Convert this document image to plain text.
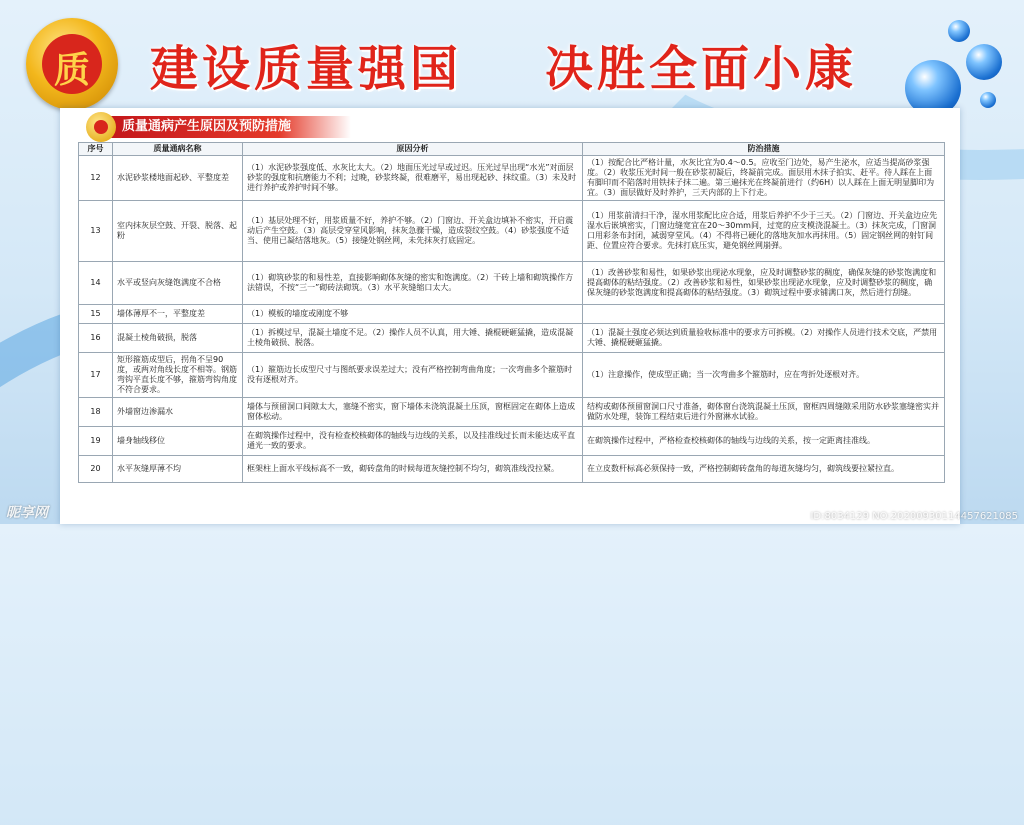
质 建设质量强国 决胜全面小康
质量通病产生原因及预防措施
序号	质量通病名称	原因分析	防治措施
12	水泥砂浆楼地面起砂、平整度差	（1）水泥砂浆强度低、水灰比太大。（2）地面压光过早或过迟。压光过早出现“水光”对面层砂浆的强度和抗磨能力不利；过晚，砂浆终凝，很难磨平，易出现起砂、抹纹重。（3）未及时进行养护或养护时间不够。	（1）按配合比严格计量，水灰比宜为0.4～0.5。应收至门边处，易产生泌水，应适当提高砂浆强度。（2）收浆压光时间一般在砂浆初凝后，终凝前完成。面层用木抹子拍实、赶平。待人踩在上面有脚印而不陷落时用铁抹子抹二遍。第三遍抹光在终凝前进行（约6H）以人踩在上面无明显脚印为宜。（3）面层做好及时养护，三天内部的上下行走。
13	室内抹灰层空鼓、开裂、脱落、起粉	（1）基层处理不好，用浆质量不好，养护不够。（2）门窗边、开关盒边填补不密实，开启震动后产生空鼓。（3）高层受穿堂风影响，抹灰急骤干燥，造成裂纹空鼓。（4）砂浆强度不适当、使用已凝结落地灰。（5）接缝处钢丝网，未先抹灰打底固定。	（1）用浆前清扫干净，湿水用浆配比应合适，用浆后养护不少于三天。（2）门窗边、开关盒边应先湿水后嵌填密实，门窗边缝宽宜在20～30mm间，过宽的应支模浇混凝土。（3）抹灰完成，门窗洞口用彩条布封闭，减弱穿堂风。（4）不得将已硬化的落地灰加水再抹用。（5）固定钢丝网的射钉间距、位置应符合要求。先抹打底压实，避免钢丝网崩弹。
14	水平或竖向灰缝饱满度不合格	（1）砌筑砂浆的和易性差，直接影响砌体灰缝的密实和饱满度。（2）干砖上墙和砌筑操作方法错误，不按“三一”砌砖法砌筑。（3）水平灰缝缩口太大。	（1）改善砂浆和易性，如果砂浆出现泌水现象，应及时调整砂浆的稠度，确保灰缝的砂浆饱满度和提高砌体的粘结强度。（2）改善砂浆和易性，如果砂浆出现泌水现象，应及时调整砂浆的稠度，确保灰缝的砂浆饱满度和提高砌体的粘结强度。（3）砌筑过程中要求铺满口灰，然后进行刮缝。
15	墙体薄厚不一，平整度差	（1）模板的墙度或刚度不够	
16	混凝土棱角破损，脱落	（1）拆模过早，混凝土墙度不足。（2）操作人员不认真，用大锤、撬棍硬砸猛撬，造成混凝土棱角破损、脱落。	（1）混凝土强度必须达到质量验收标准中的要求方可拆模。（2）对操作人员进行技术交底，严禁用大锤、撬棍硬砸猛撬。
17	矩形箍筋成型后，拐角不呈90度，或两对角线长度不相等。钢筋弯钩平直长度不够，箍筋弯钩角度不符合要求。	（1）箍筋边长成型尺寸与图纸要求误差过大；没有严格控制弯曲角度；一次弯曲多个箍筋时没有逐根对齐。	（1）注意操作，使成型正确；当一次弯曲多个箍筋时，应在弯折处逐根对齐。
18	外墙窗边渗漏水	墙体与预留洞口间隙太大，塞缝不密实，窗下墙体未浇筑混凝土压顶，窗框固定在砌体上造成窗体松动。	结构或砌体预留窗洞口尺寸准备，砌体窗台浇筑混凝土压顶，窗框四周缝隙采用防水砂浆塞缝密实并做防水处理，装饰工程结束后进行外窗淋水试验。
19	墙身轴线移位	在砌筑操作过程中，没有检查校核砌体的轴线与边线的关系，以及挂准线过长而未能达成平直通光一致的要求。	在砌筑操作过程中，严格检查校核砌体的轴线与边线的关系，按一定距离挂准线。
20	水平灰缝厚薄不均	框架柱上面水平线标高不一致，砌砖盘角的时候每道灰缝控制不均匀，砌筑准线没拉紧。	在立皮数杆标高必须保持一致，严格控制砌砖盘角的每道灰缝均匀，砌筑线要拉紧拉直。
昵享网	ID:8034129 NO:20200930114457621085
